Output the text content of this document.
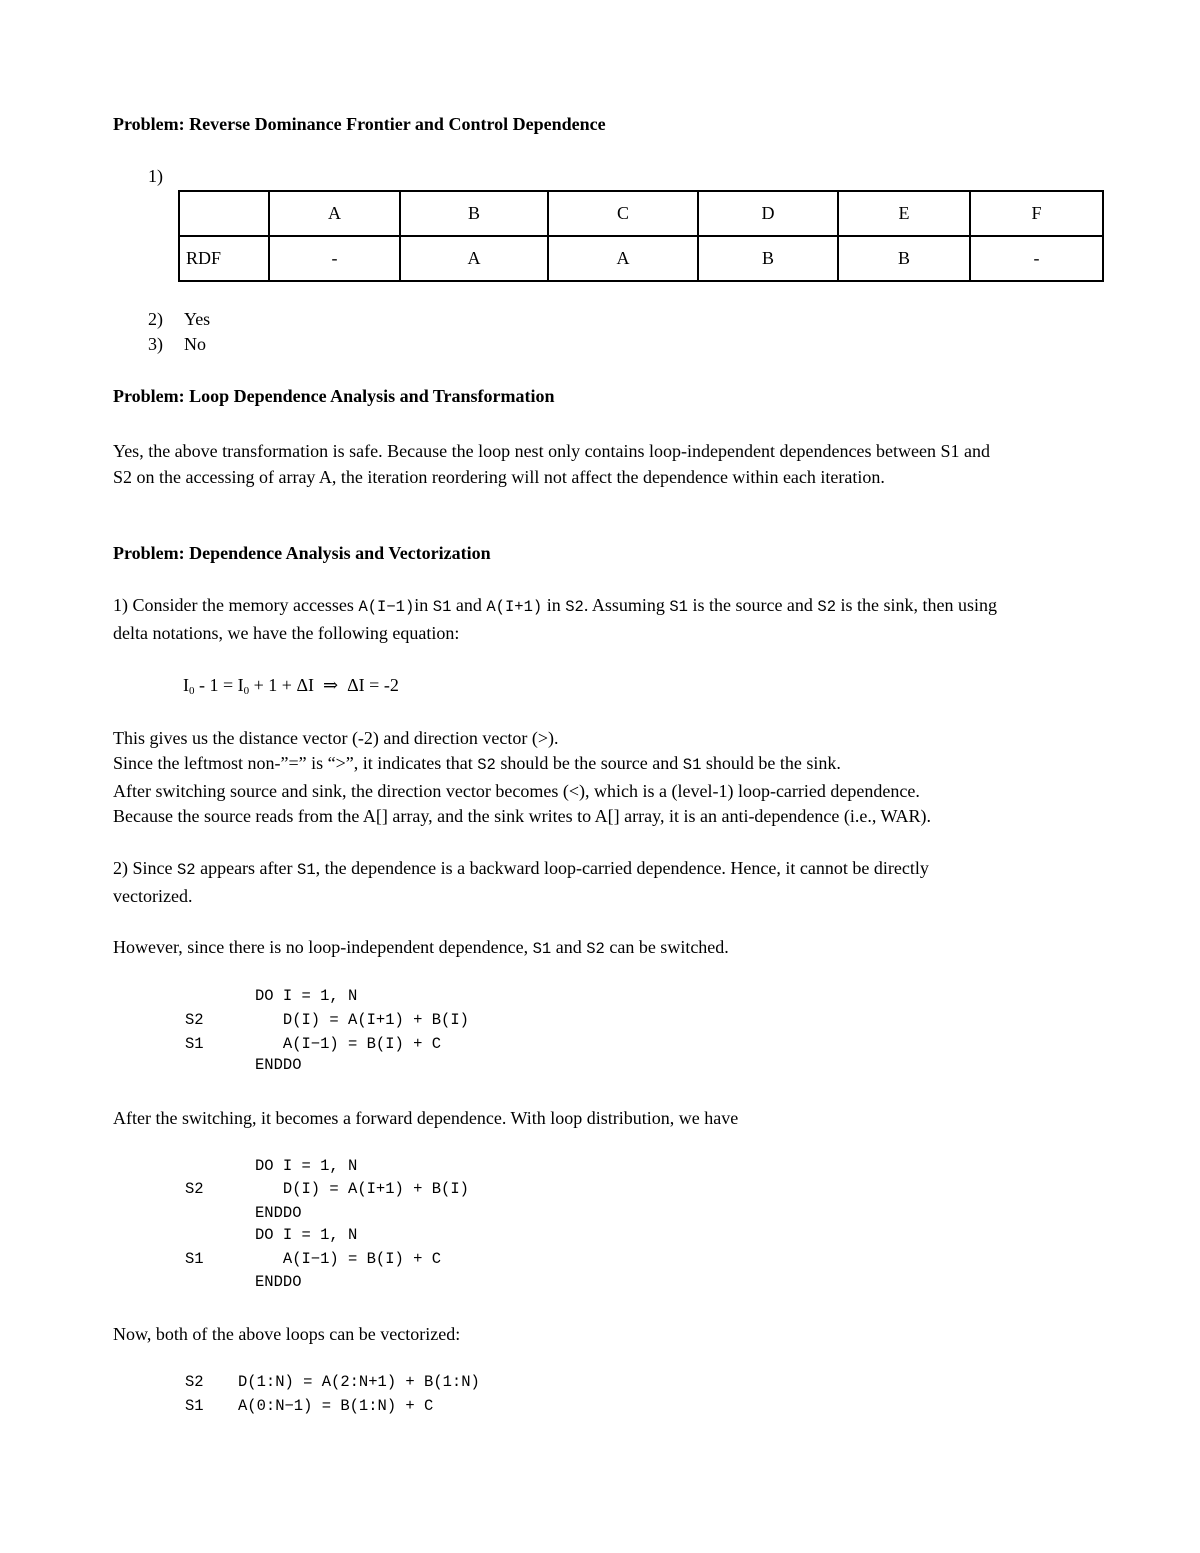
Problem: Reverse Dominance Frontier and Control Dependence
1)
	A	B	C	D	E	F
RDF	-	A	A	B	B	-
2) Yes
3) No
Problem: Loop Dependence Analysis and Transformation
Yes, the above transformation is safe. Because the loop nest only contains loop-independent dependences between S1 and
S2 on the accessing of array A, the iteration reordering will not affect the dependence within each iteration.
Problem: Dependence Analysis and Vectorization
1) Consider the memory accesses A(I−1)in S1 and A(I+1) in S2. Assuming S1 is the source and S2 is the sink, then using
delta notations, we have the following equation:
$I_0 - 1 = I_0 + 1 + \Delta I$  ⇒  ΔI = -2
This gives us the distance vector (-2) and direction vector (>).
Since the leftmost non-”=” is “>”, it indicates that S2 should be the source and S1 should be the sink.
After switching source and sink, the direction vector becomes (<), which is a (level-1) loop-carried dependence.
Because the source reads from the A[] array, and the sink writes to A[] array, it is an anti-dependence (i.e., WAR).
2) Since S2 appears after S1, the dependence is a backward loop-carried dependence. Hence, it cannot be directly
vectorized.
However, since there is no loop-independent dependence, S1 and S2 can be switched.
DO I = 1, N
S2	D(I) = A(I+1) + B(I)
S1	A(I−1) = B(I) + C
ENDDO
After the switching, it becomes a forward dependence. With loop distribution, we have
DO I = 1, N
S2	D(I) = A(I+1) + B(I)
ENDDO
DO I = 1, N
S1	A(I−1) = B(I) + C
ENDDO
Now, both of the above loops can be vectorized:
S2 D(1:N) = A(2:N+1) + B(1:N)
S1 A(0:N−1) = B(1:N) + C
